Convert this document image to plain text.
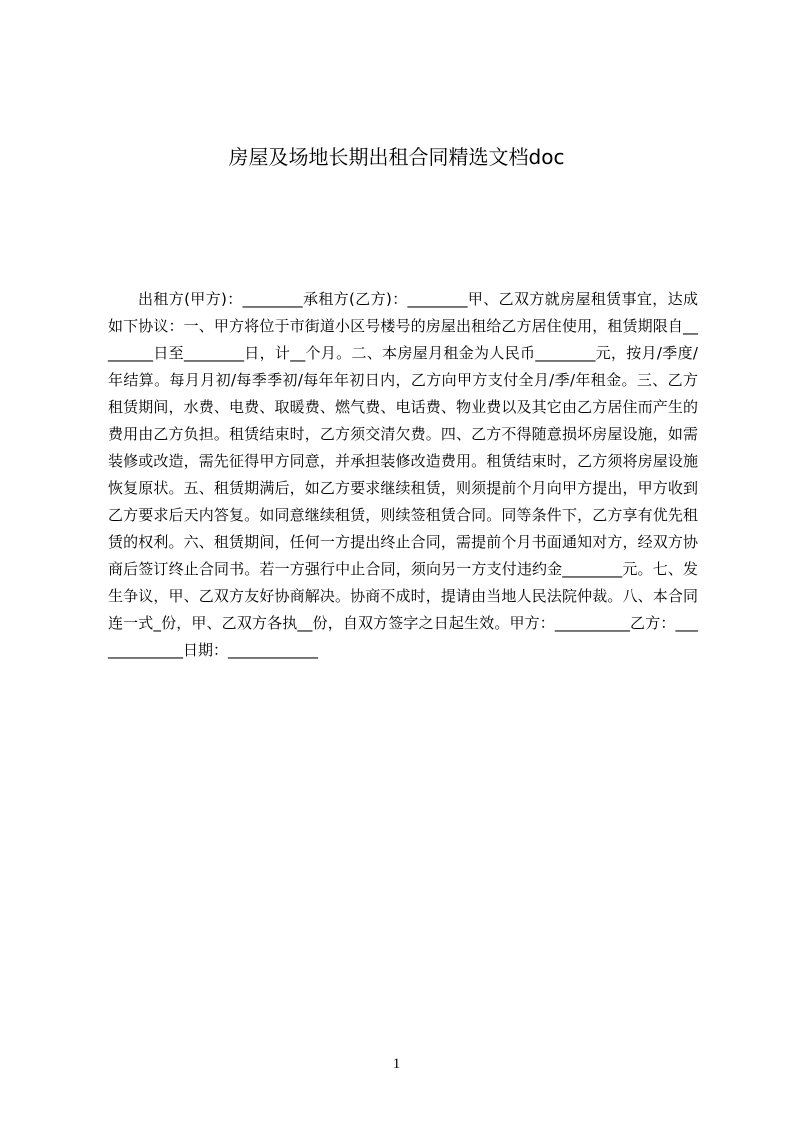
房屋及场地长期出租合同精选文档doc

出租方(甲方)：________承租方(乙方)：________甲、乙双方就房屋租赁事宜，达成如下协议：一、甲方将位于市街道小区号楼号的房屋出租给乙方居住使用，租赁期限自________日至________日，计__个月。二、本房屋月租金为人民币________元，按月/季度/年结算。每月月初/每季季初/每年年初日内，乙方向甲方支付全月/季/年租金。三、乙方租赁期间，水费、电费、取暖费、燃气费、电话费、物业费以及其它由乙方居住而产生的费用由乙方负担。租赁结束时，乙方须交清欠费。四、乙方不得随意损坏房屋设施，如需装修或改造，需先征得甲方同意，并承担装修改造费用。租赁结束时，乙方须将房屋设施恢复原状。五、租赁期满后，如乙方要求继续租赁，则须提前个月向甲方提出，甲方收到乙方要求后天内答复。如同意继续租赁，则续签租赁合同。同等条件下，乙方享有优先租赁的权利。六、租赁期间，任何一方提出终止合同，需提前个月书面通知对方，经双方协商后签订终止合同书。若一方强行中止合同，须向另一方支付违约金________元。七、发生争议，甲、乙双方友好协商解决。协商不成时，提请由当地人民法院仲裁。八、本合同连一式_份，甲、乙双方各执__份，自双方签字之日起生效。甲方：__________乙方：_____________日期：____________

1
